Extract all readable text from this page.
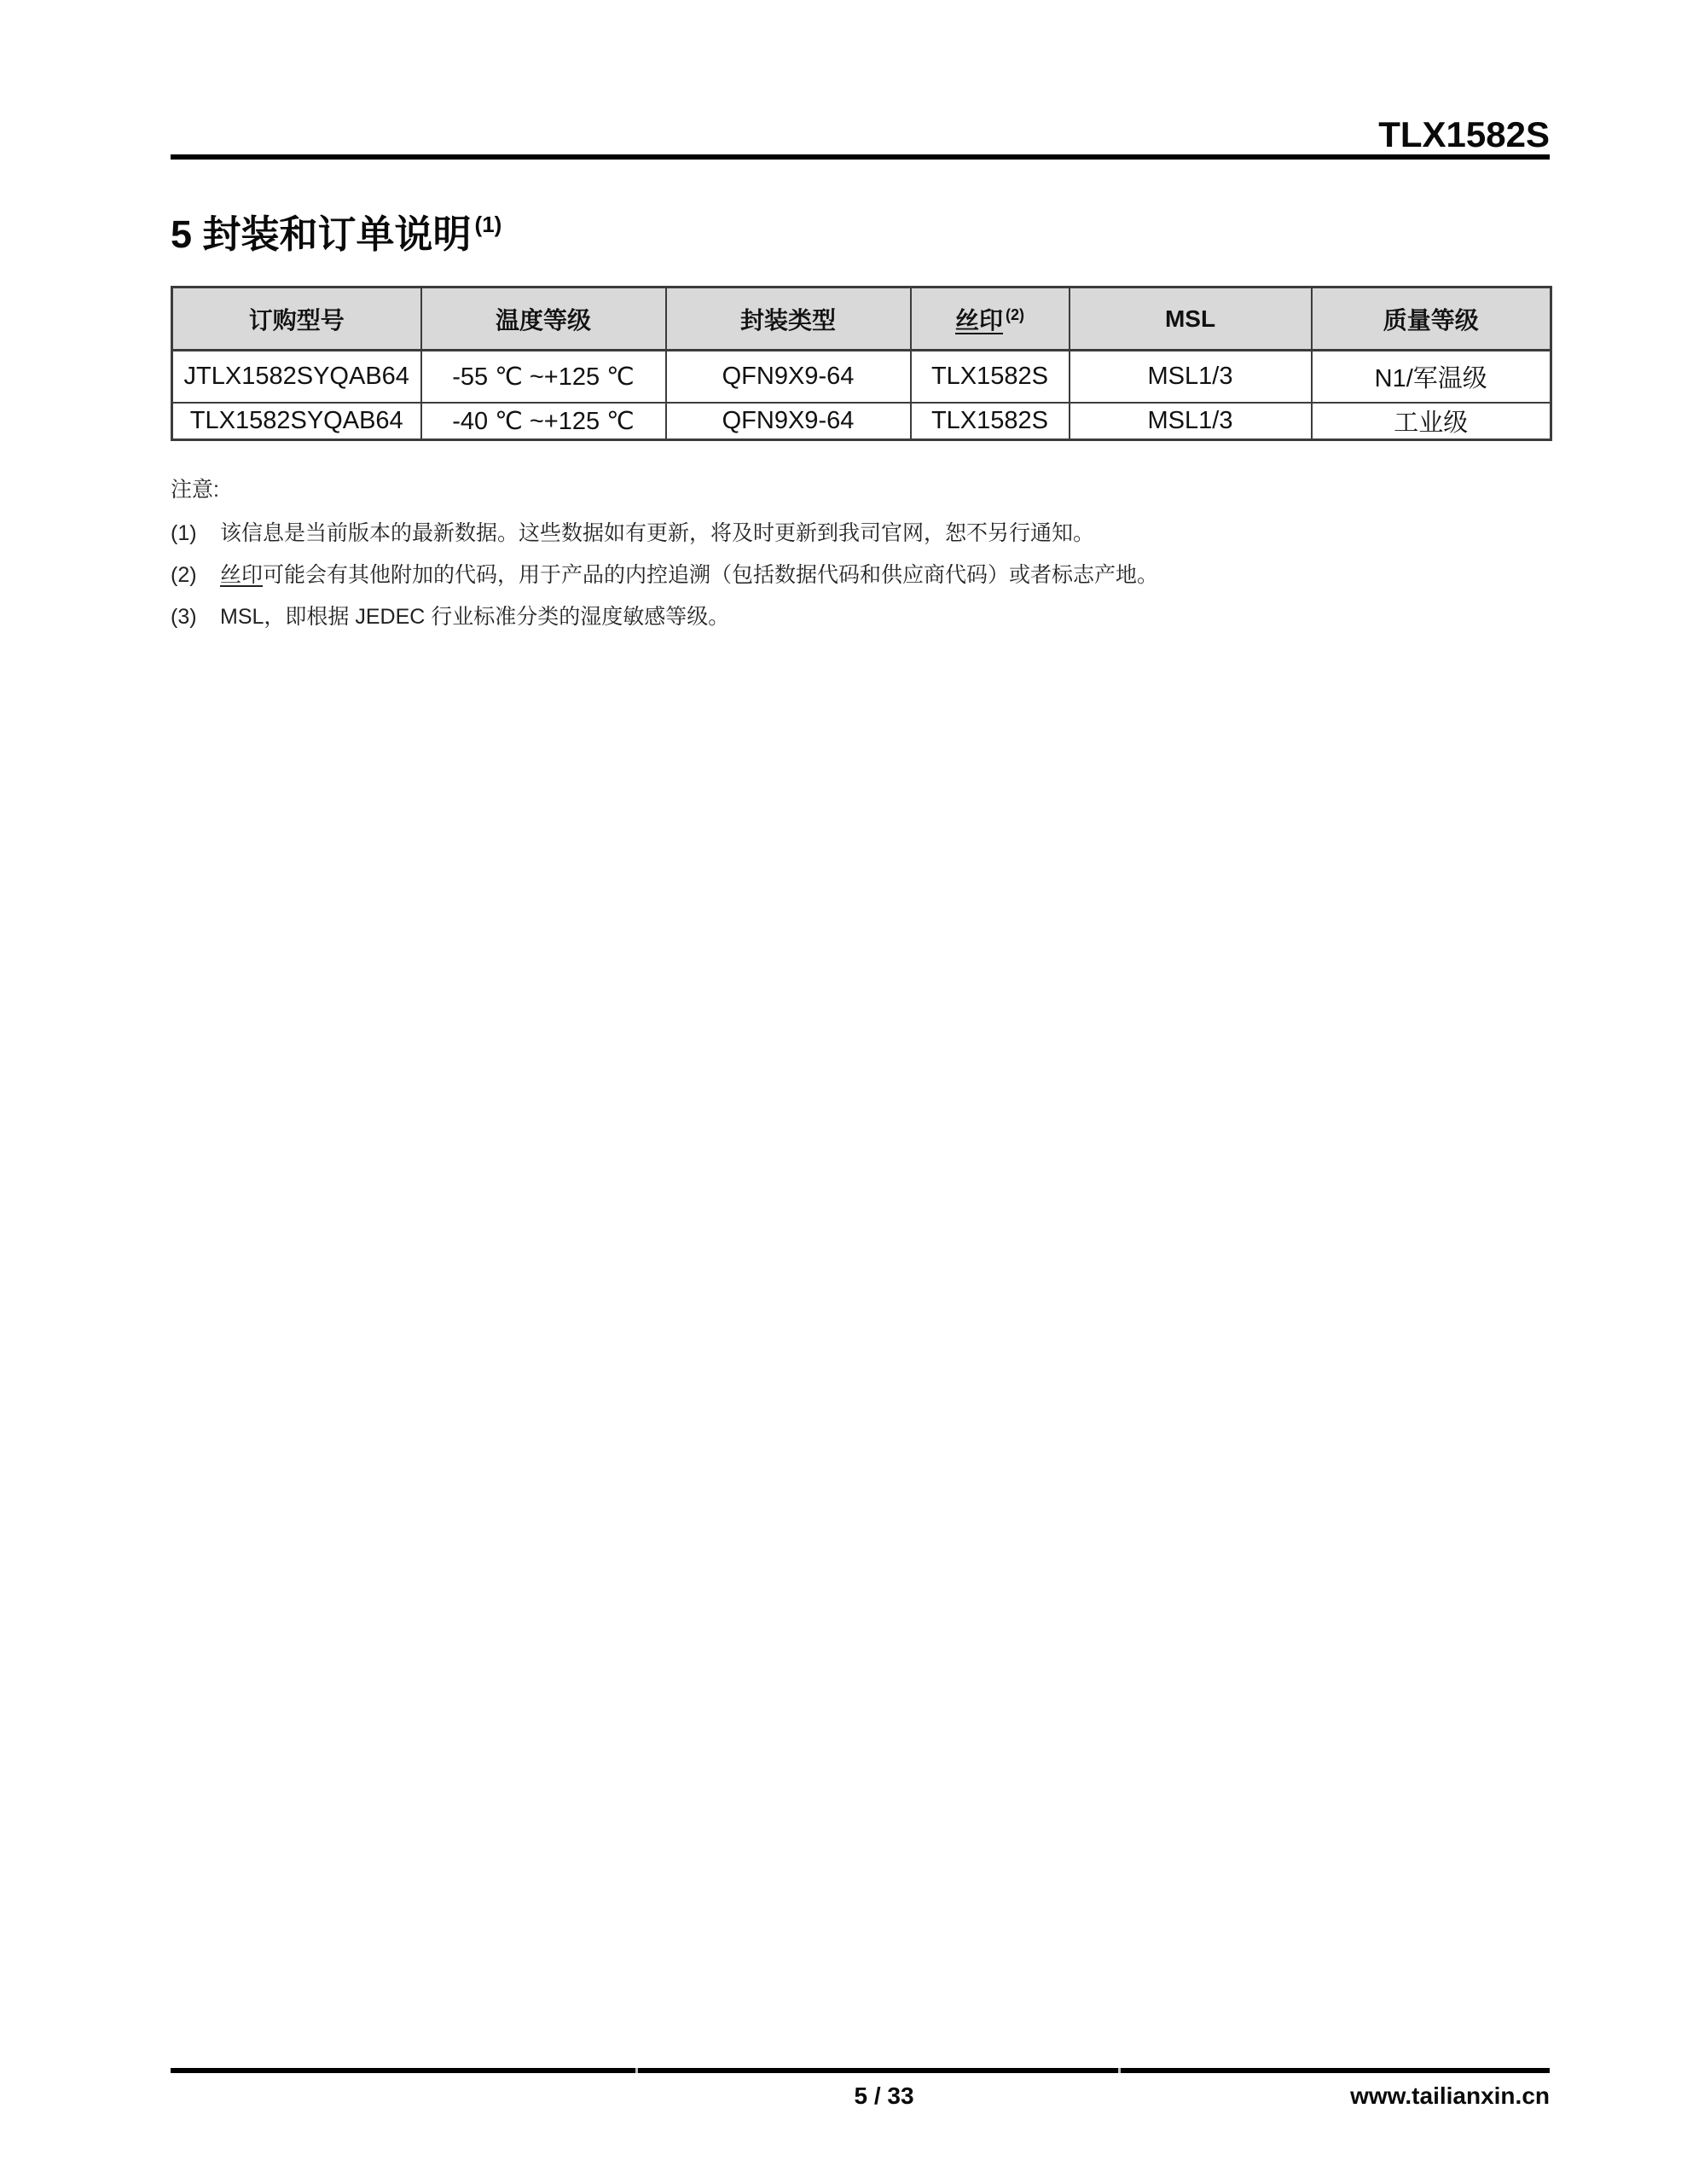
TLX1582S
5 封装和订单说明 $^{(1)}$
订购型号	温度等级	封装类型	丝印 $^{(2)}$	MSL	质量等级
JTLX1582SYQAB64	-55 ℃ ~+125 ℃	QFN9X9-64	TLX1582S	MSL1/3	N1/军温级
TLX1582SYQAB64	-40 ℃ ~+125 ℃	QFN9X9-64	TLX1582S	MSL1/3	工业级
注意:
(1)	该信息是当前版本的最新数据。这些数据如有更新，将及时更新到我司官网，恕不另行通知。
(2)	丝印可能会有其他附加的代码，用于产品的内控追溯（包括数据代码和供应商代码）或者标志产地。
(3)	MSL，即根据 JEDEC 行业标准分类的湿度敏感等级。
5 / 33	www.tailianxin.cn
